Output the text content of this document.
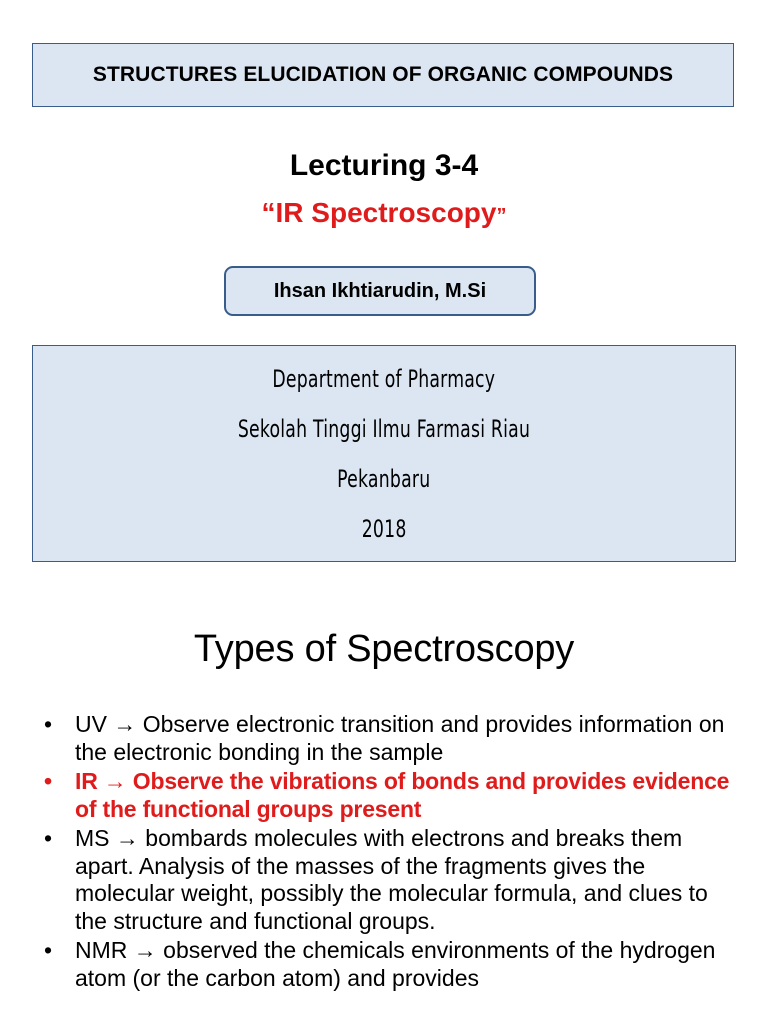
STRUCTURES ELUCIDATION OF ORGANIC COMPOUNDS
Lecturing 3-4
“IR Spectroscopy”
Ihsan Ikhtiarudin, M.Si
Department of Pharmacy
Sekolah Tinggi Ilmu Farmasi Riau
Pekanbaru
2018
Types of Spectroscopy
• UV → Observe electronic transition and provides information on the electronic bonding in the sample
• IR → Observe the vibrations of bonds and provides evidence of the functional groups present
• MS → bombards molecules with electrons and breaks them apart. Analysis of the masses of the fragments gives the molecular weight, possibly the molecular formula, and clues to the structure and functional groups.
• NMR → observed the chemicals environments of the hydrogen atom (or the carbon atom) and provides
